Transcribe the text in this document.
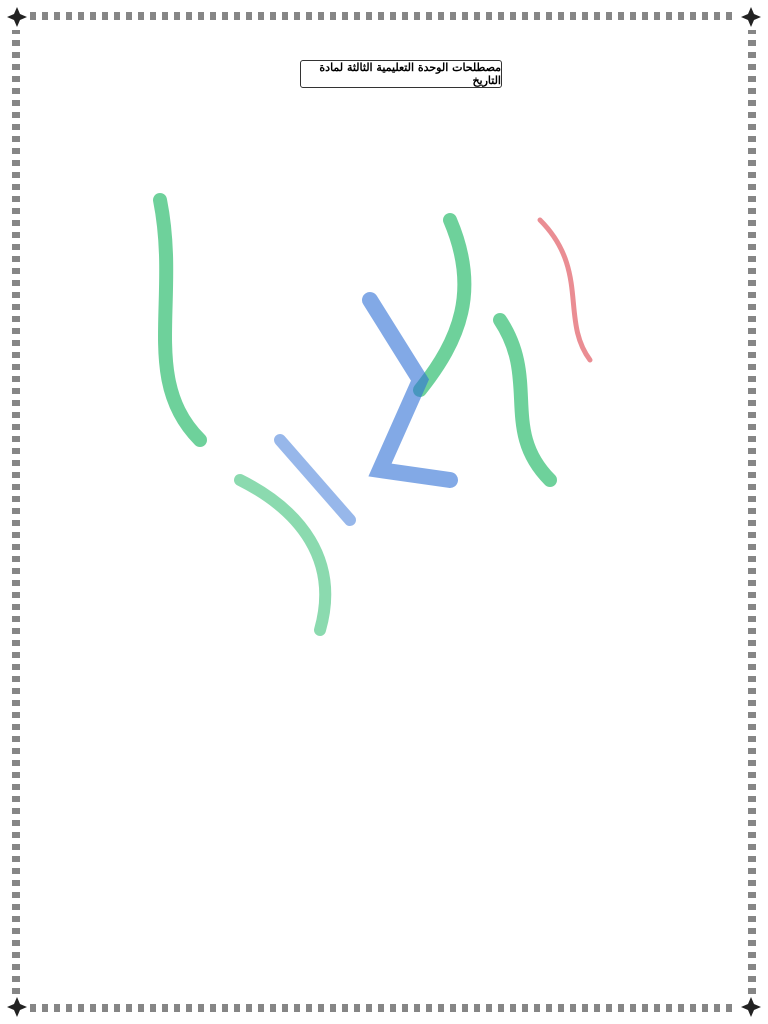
مصطلحات الوحدة التعليمية الثالثة لمادة التاريخ
